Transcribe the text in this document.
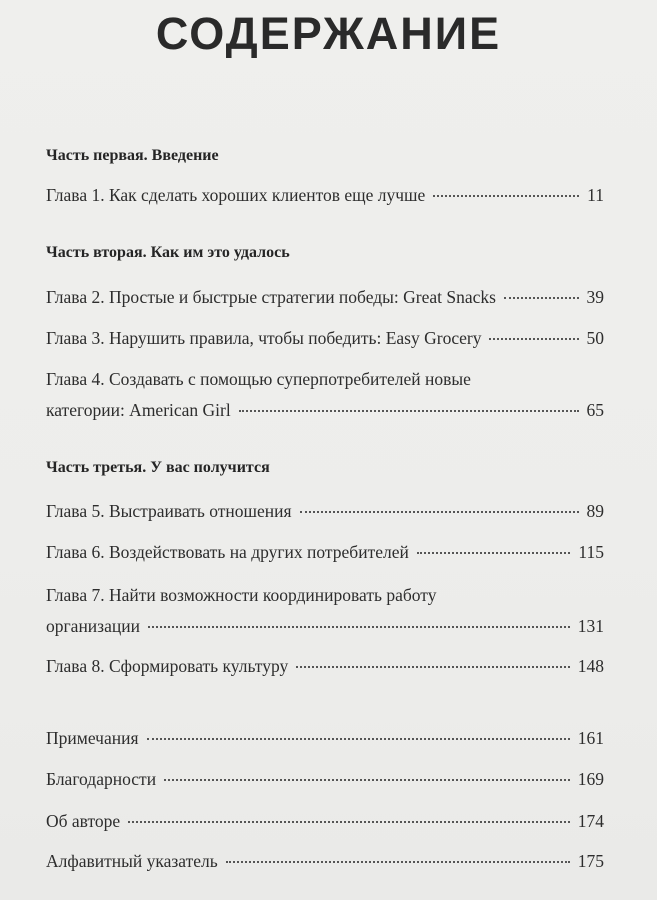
СОДЕРЖАНИЕ
Часть первая. Введение
Глава 1. Как сделать хороших клиентов еще лучше	11
Часть вторая. Как им это удалось
Глава 2. Простые и быстрые стратегии победы: Great Snacks	39
Глава 3. Нарушить правила, чтобы победить: Easy Grocery	50
Глава 4. Создавать с помощью суперпотребителей новые
категории: American Girl	65
Часть третья. У вас получится
Глава 5. Выстраивать отношения	89
Глава 6. Воздействовать на других потребителей	115
Глава 7. Найти возможности координировать работу
организации	131
Глава 8. Сформировать культуру	148
Примечания	161
Благодарности	169
Об авторе	174
Алфавитный указатель	175
